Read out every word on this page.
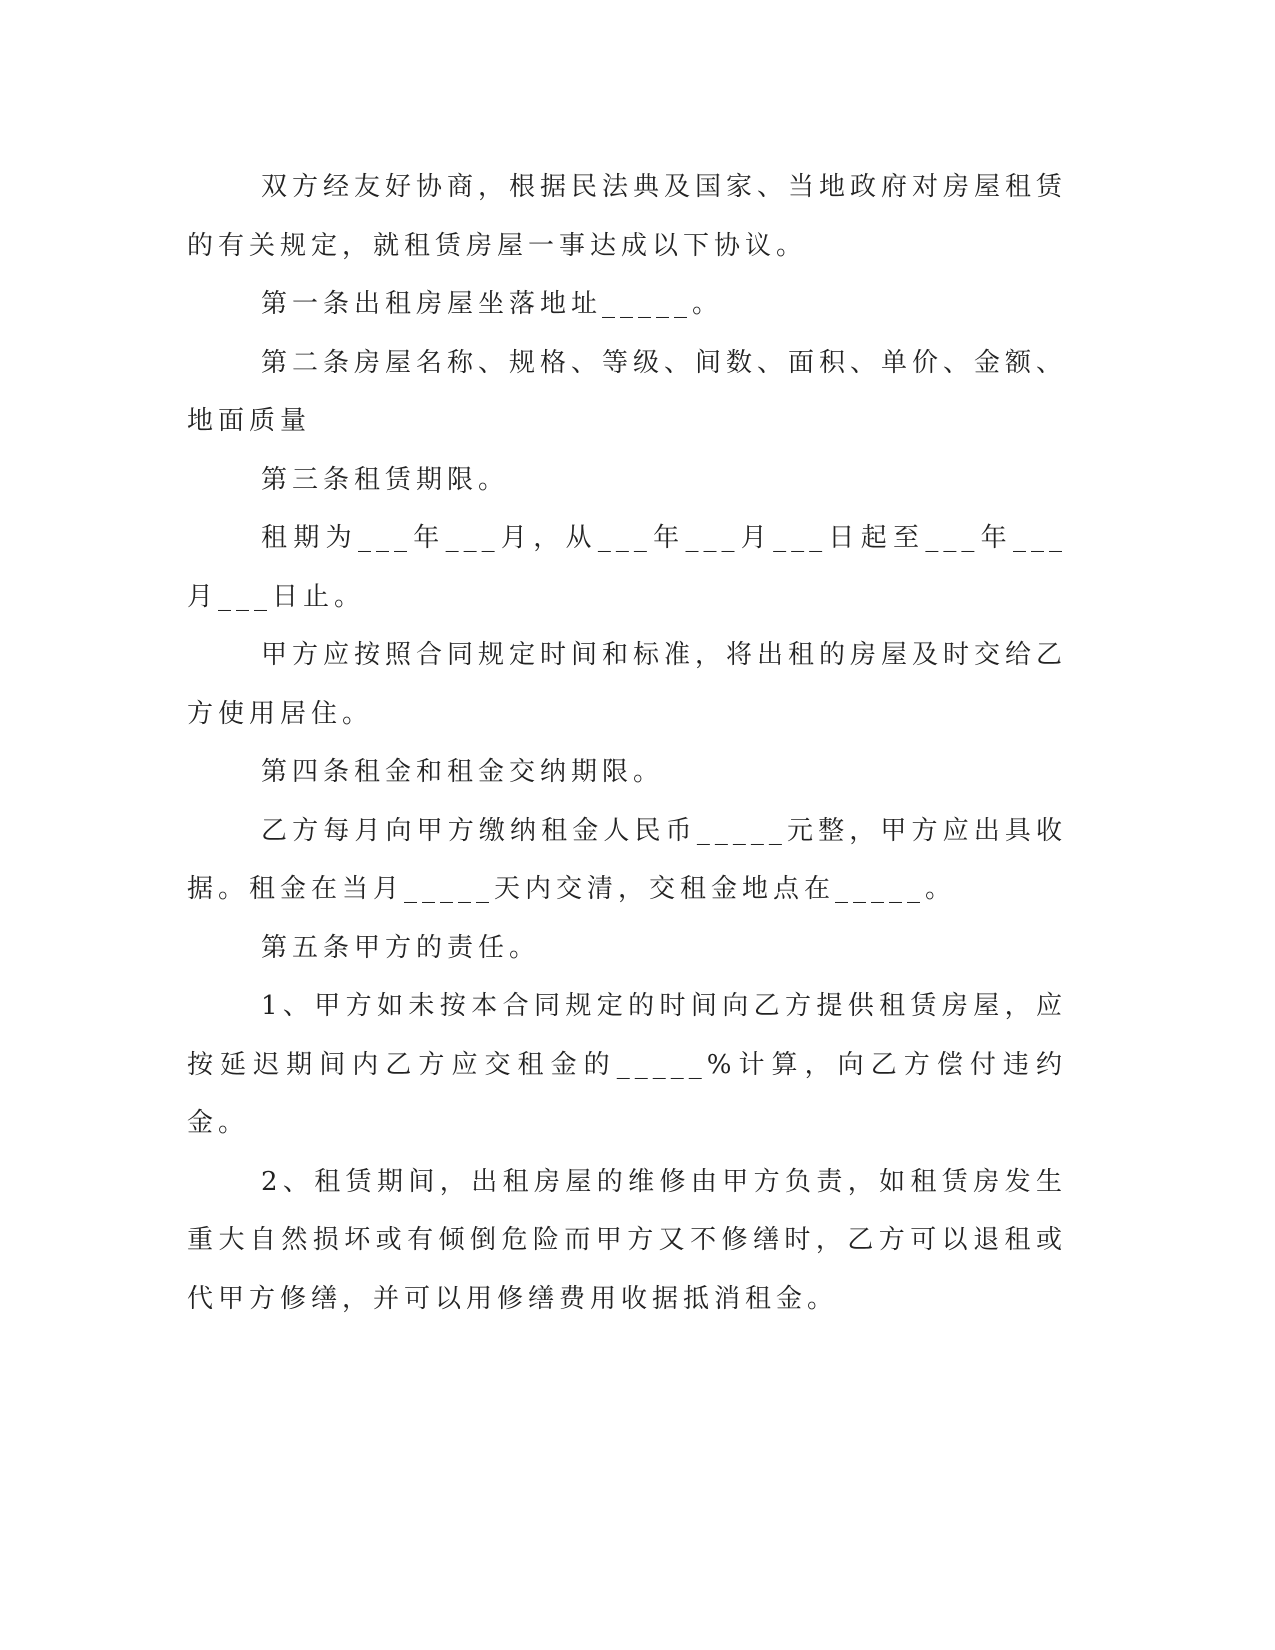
双方经友好协商，根据民法典及国家、当地政府对房屋租赁的有关规定，就租赁房屋一事达成以下协议。

第一条出租房屋坐落地址_____。

第二条房屋名称、规格、等级、间数、面积、单价、金额、地面质量

第三条租赁期限。

租期为___年___月，从___年___月___日起至___年___月___日止。

甲方应按照合同规定时间和标准，将出租的房屋及时交给乙方使用居住。

第四条租金和租金交纳期限。

乙方每月向甲方缴纳租金人民币_____元整，甲方应出具收据。租金在当月_____天内交清，交租金地点在_____。

第五条甲方的责任。

1、甲方如未按本合同规定的时间向乙方提供租赁房屋，应按延迟期间内乙方应交租金的_____%计算，向乙方偿付违约金。

2、租赁期间，出租房屋的维修由甲方负责，如租赁房发生重大自然损坏或有倾倒危险而甲方又不修缮时，乙方可以退租或代甲方修缮，并可以用修缮费用收据抵消租金。
